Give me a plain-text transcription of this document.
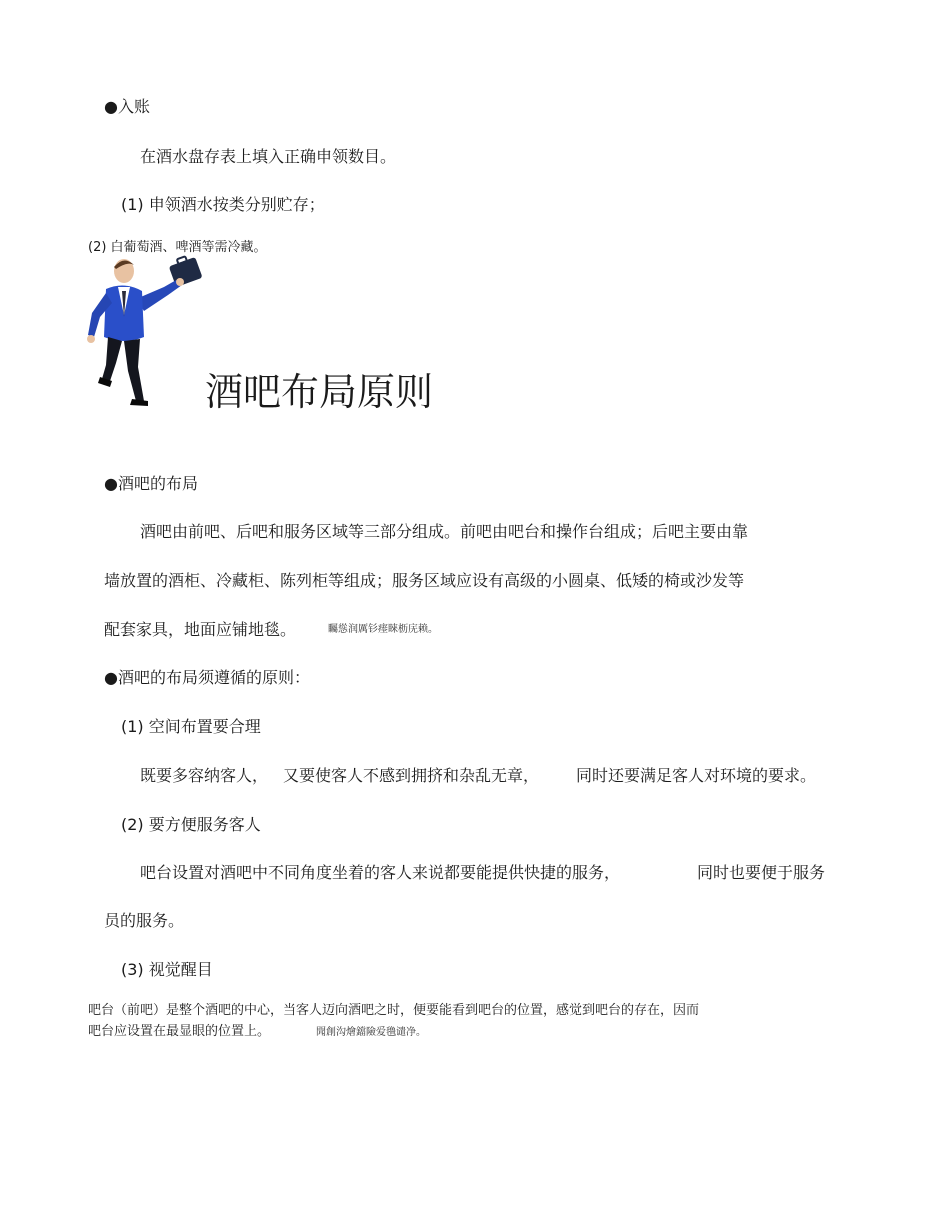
●入账
在酒水盘存表上填入正确申领数目。
(1) 申领酒水按类分别贮存；
(2) 白葡萄酒、啤酒等需冷藏。
酒吧布局原则
●酒吧的布局
酒吧由前吧、后吧和服务区域等三部分组成。前吧由吧台和操作台组成；后吧主要由靠
墙放置的酒柜、冷藏柜、陈列柜等组成；服务区域应设有高级的小圆桌、低矮的椅或沙发等
配套家具，地面应铺地毯。	矚慫润厲钐瘗睞枥庑赖。
●酒吧的布局须遵循的原则：
(1) 空间布置要合理
既要多容纳客人， 又要使客人不感到拥挤和杂乱无章， 同时还要满足客人对环境的要求。
(2) 要方便服务客人
吧台设置对酒吧中不同角度坐着的客人来说都要能提供快捷的服务，	同时也要便于服务
员的服务。
(3) 视觉醒目
吧台（前吧）是整个酒吧的中心，当客人迈向酒吧之时，便要能看到吧台的位置，感觉到吧台的存在，因而
吧台应设置在最显眼的位置上。	聞創沟燴鐺險爱氇谴净。
